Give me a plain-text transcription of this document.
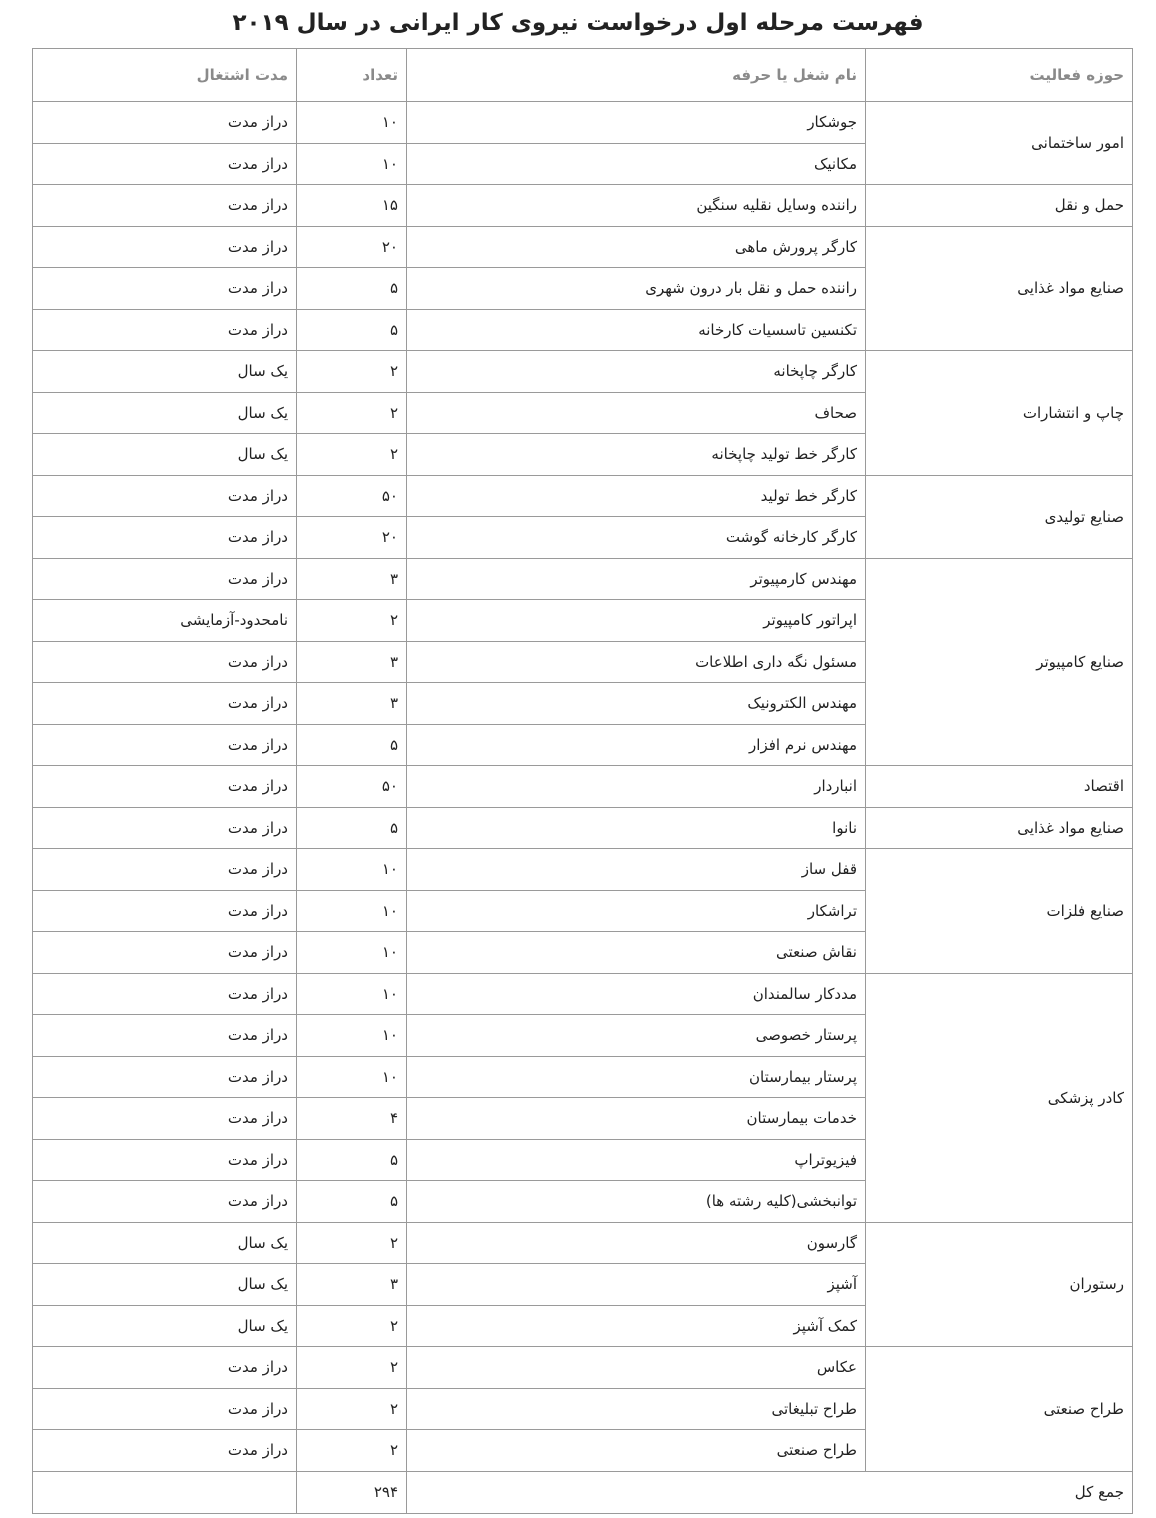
فهرست مرحله اول درخواست نیروی کار ایرانی در سال ۲۰۱۹
حوزه فعالیت	نام شغل یا حرفه	تعداد	مدت اشتغال
امور ساختمانی	جوشکار	۱۰	دراز مدت
	مکانیک	۱۰	دراز مدت
حمل و نقل	راننده وسایل نقلیه سنگین	۱۵	دراز مدت
صنایع مواد غذایی	کارگر پرورش ماهی	۲۰	دراز مدت
	راننده حمل و نقل بار درون شهری	۵	دراز مدت
	تکنسین تاسسیات کارخانه	۵	دراز مدت
چاپ و انتشارات	کارگر چاپخانه	۲	یک سال
	صحاف	۲	یک سال
	کارگر خط تولید چاپخانه	۲	یک سال
صنایع تولیدی	کارگر خط تولید	۵۰	دراز مدت
	کارگر کارخانه گوشت	۲۰	دراز مدت
صنایع کامپیوتر	مهندس کارمپیوتر	۳	دراز مدت
	اپراتور کامپیوتر	۲	نامحدود-آزمایشی
	مسئول نگه داری اطلاعات	۳	دراز مدت
	مهندس الکترونیک	۳	دراز مدت
	مهندس نرم افزار	۵	دراز مدت
اقتصاد	انباردار	۵۰	دراز مدت
صنایع مواد غذایی	نانوا	۵	دراز مدت
صنایع فلزات	قفل ساز	۱۰	دراز مدت
	تراشکار	۱۰	دراز مدت
	نقاش صنعتی	۱۰	دراز مدت
کادر پزشکی	مددکار سالمندان	۱۰	دراز مدت
	پرستار خصوصی	۱۰	دراز مدت
	پرستار بیمارستان	۱۰	دراز مدت
	خدمات بیمارستان	۴	دراز مدت
	فیزیوتراپ	۵	دراز مدت
	توانبخشی(کلیه رشته ها)	۵	دراز مدت
رستوران	گارسون	۲	یک سال
	آشپز	۳	یک سال
	کمک آشپز	۲	یک سال
طراح صنعتی	عکاس	۲	دراز مدت
	طراح تبلیغاتی	۲	دراز مدت
	طراح صنعتی	۲	دراز مدت
جمع کل		۲۹۴	
